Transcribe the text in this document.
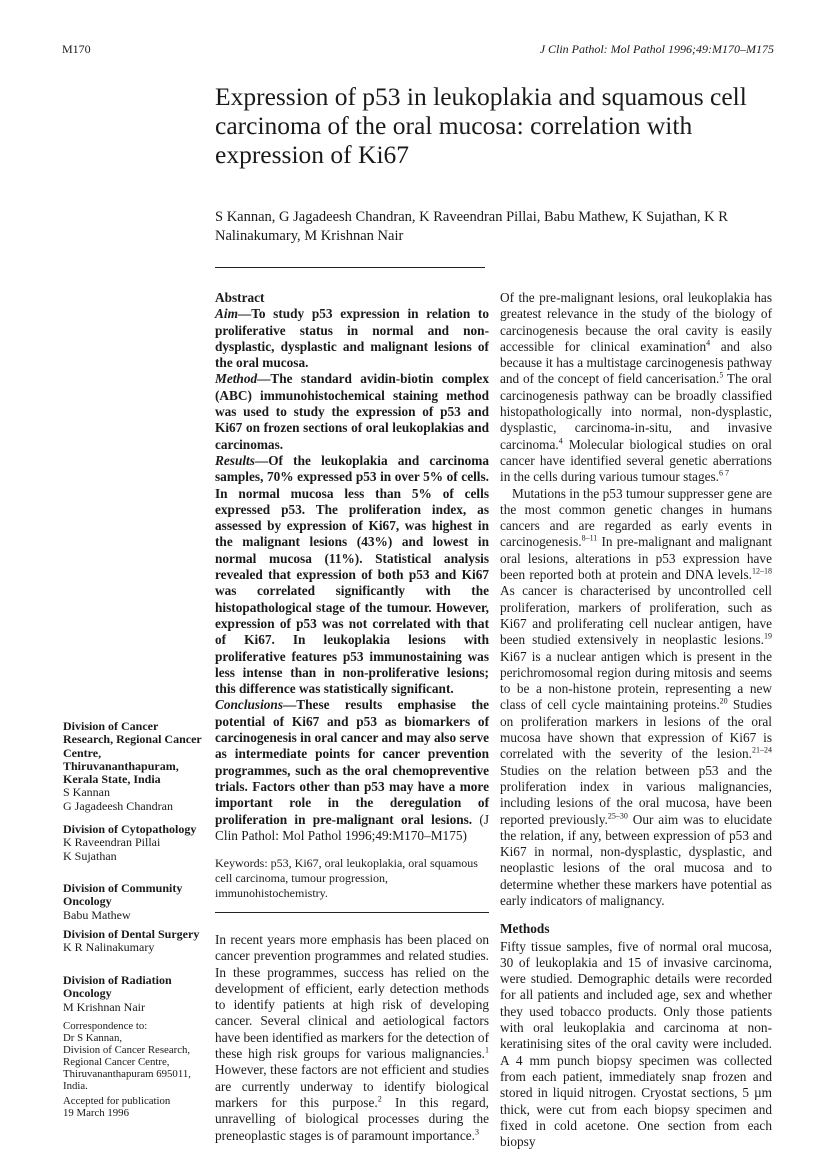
M170	J Clin Pathol: Mol Pathol 1996;49:M170–M175
Expression of p53 in leukoplakia and squamous cell carcinoma of the oral mucosa: correlation with expression of Ki67
S Kannan, G Jagadeesh Chandran, K Raveendran Pillai, Babu Mathew, K Sujathan, K R Nalinakumary, M Krishnan Nair

Abstract

Aim—To study p53 expression in relation to proliferative status in normal and non-dysplastic, dysplastic and malignant lesions of the oral mucosa.

Method—The standard avidin-biotin complex (ABC) immunohistochemical staining method was used to study the expression of p53 and Ki67 on frozen sections of oral leukoplakias and carcinomas.

Results—Of the leukoplakia and carcinoma samples, 70% expressed p53 in over 5% of cells. In normal mucosa less than 5% of cells expressed p53. The proliferation index, as assessed by expression of Ki67, was highest in the malignant lesions (43%) and lowest in normal mucosa (11%). Statistical analysis revealed that expression of both p53 and Ki67 was correlated significantly with the histopathological stage of the tumour. However, expression of p53 was not correlated with that of Ki67. In leukoplakia lesions with proliferative features p53 immunostaining was less intense than in non-proliferative lesions; this difference was statistically significant.

Conclusions—These results emphasise the potential of Ki67 and p53 as biomarkers of carcinogenesis in oral cancer and may also serve as intermediate points for cancer prevention programmes, such as the oral chemopreventive trials. Factors other than p53 may have a more important role in the deregulation of proliferation in pre-malignant oral lesions. (J Clin Pathol: Mol Pathol 1996;49:M170–M175)

Keywords: p53, Ki67, oral leukoplakia, oral squamous cell carcinoma, tumour progression, immunohistochemistry.
In recent years more emphasis has been placed on cancer prevention programmes and related studies. In these programmes, success has relied on the development of efficient, early detection methods to identify patients at high risk of developing cancer. Several clinical and aetiological factors have been identified as markers for the detection of these high risk groups for various malignancies.$^1$ However, these factors are not efficient and studies are currently underway to identify biological markers for this purpose.$^2$ In this regard, unravelling of biological processes during the preneoplastic stages is of paramount importance.$^3$

Of the pre-malignant lesions, oral leukoplakia has greatest relevance in the study of the biology of carcinogenesis because the oral cavity is easily accessible for clinical examination$^4$ and also because it has a multistage carcinogenesis pathway and of the concept of field cancerisation.$^5$ The oral carcinogenesis pathway can be broadly classified histopathologically into normal, non-dysplastic, dysplastic, carcinoma-in-situ, and invasive carcinoma.$^4$ Molecular biological studies on oral cancer have identified several genetic aberrations in the cells during various tumour stages.$^{6 7}$

Mutations in the p53 tumour suppresser gene are the most common genetic changes in humans cancers and are regarded as early events in carcinogenesis.$^{8-11}$ In pre-malignant and malignant oral lesions, alterations in p53 expression have been reported both at protein and DNA levels.$^{12-18}$ As cancer is characterised by uncontrolled cell proliferation, markers of proliferation, such as Ki67 and proliferating cell nuclear antigen, have been studied extensively in neoplastic lesions.$^{19}$ Ki67 is a nuclear antigen which is present in the perichromosomal region during mitosis and seems to be a non-histone protein, representing a new class of cell cycle maintaining proteins.$^{20}$ Studies on proliferation markers in lesions of the oral mucosa have shown that expression of Ki67 is correlated with the severity of the lesion.$^{21-24}$ Studies on the relation between p53 and the proliferation index in various malignancies, including lesions of the oral mucosa, have been reported previously.$^{25-30}$ Our aim was to elucidate the relation, if any, between expression of p53 and Ki67 in normal, non-dysplastic, dysplastic, and neoplastic lesions of the oral mucosa and to determine whether these markers have potential as early indicators of malignancy.

Methods

Fifty tissue samples, five of normal oral mucosa, 30 of leukoplakia and 15 of invasive carcinoma, were studied. Demographic details were recorded for all patients and included age, sex and whether they used tobacco products. Only those patients with oral leukoplakia and carcinoma at non-keratinising sites of the oral cavity were included. A 4 mm punch biopsy specimen was collected from each patient, immediately snap frozen and stored in liquid nitrogen. Cryostat sections, 5 µm thick, were cut from each biopsy specimen and fixed in cold acetone. One section from each biopsy

Division of Cancer Research, Regional Cancer Centre, Thiruvananthapuram, Kerala State, India
S Kannan
G Jagadeesh Chandran
Division of Cytopathology
K Raveendran Pillai
K Sujathan
Division of Community Oncology
Babu Mathew
Division of Dental Surgery
K R Nalinakumary
Division of Radiation Oncology
M Krishnan Nair
Correspondence to:
Dr S Kannan,
Division of Cancer Research, Regional Cancer Centre,
Thiruvananthapuram 695011, India.
Accepted for publication
19 March 1996
